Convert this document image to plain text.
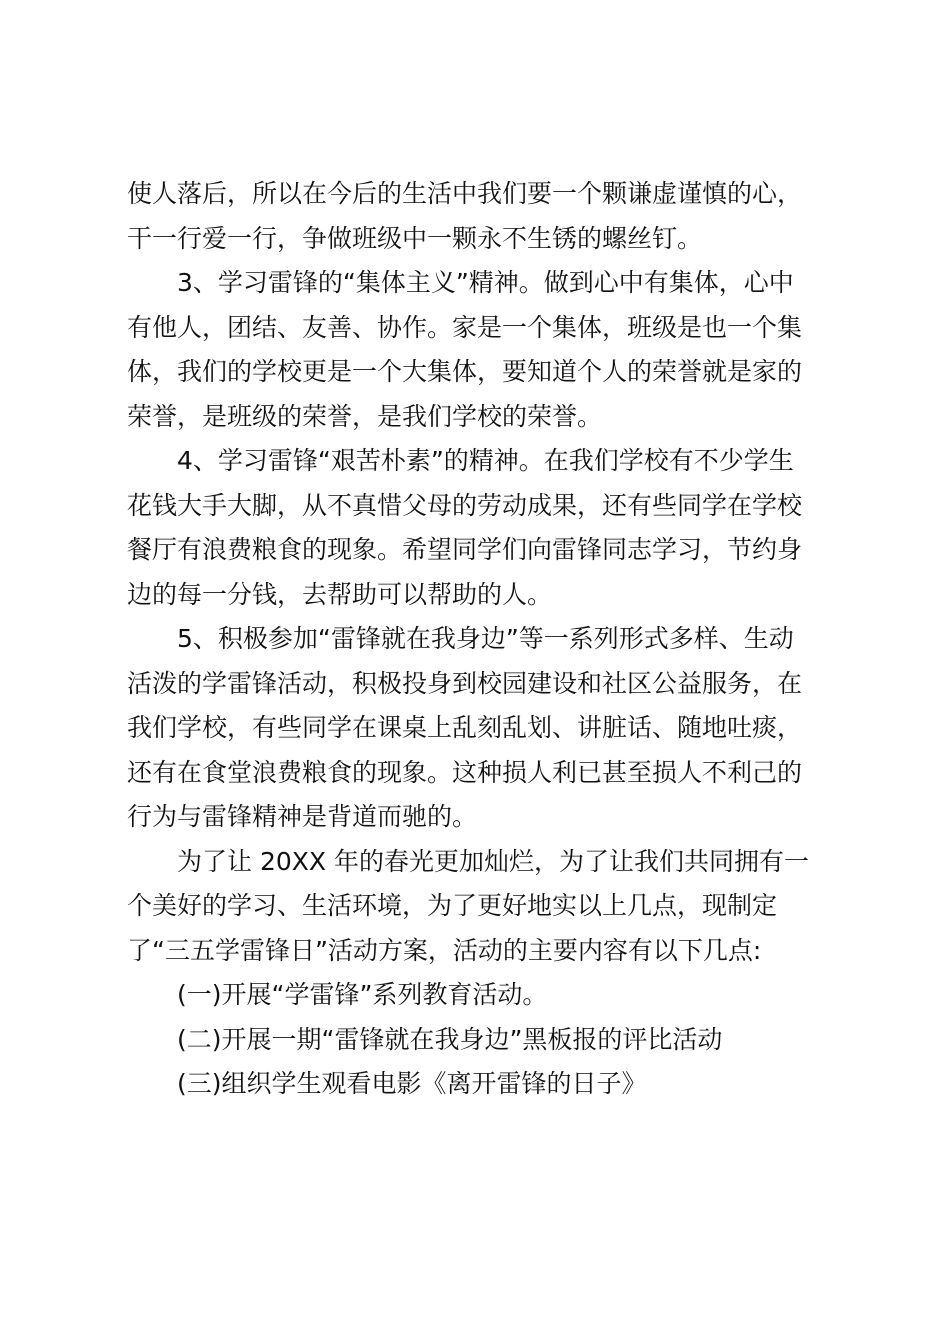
使人落后，所以在今后的生活中我们要一个颗谦虚谨慎的心，
干一行爱一行，争做班级中一颗永不生锈的螺丝钉。
3、学习雷锋的“集体主义”精神。做到心中有集体，心中
有他人，团结、友善、协作。家是一个集体，班级是也一个集
体，我们的学校更是一个大集体，要知道个人的荣誉就是家的
荣誉，是班级的荣誉，是我们学校的荣誉。
4、学习雷锋“艰苦朴素”的精神。在我们学校有不少学生
花钱大手大脚，从不真惜父母的劳动成果，还有些同学在学校
餐厅有浪费粮食的现象。希望同学们向雷锋同志学习，节约身
边的每一分钱，去帮助可以帮助的人。
5、积极参加“雷锋就在我身边”等一系列形式多样、生动
活泼的学雷锋活动，积极投身到校园建设和社区公益服务，在
我们学校，有些同学在课桌上乱刻乱划、讲脏话、随地吐痰，
还有在食堂浪费粮食的现象。这种损人利已甚至损人不利己的
行为与雷锋精神是背道而驰的。
为了让 20XX 年的春光更加灿烂，为了让我们共同拥有一
个美好的学习、生活环境，为了更好地实以上几点，现制定
了“三五学雷锋日”活动方案，活动的主要内容有以下几点:
(一)开展“学雷锋”系列教育活动。
(二)开展一期“雷锋就在我身边”黑板报的评比活动
(三)组织学生观看电影《离开雷锋的日子》
